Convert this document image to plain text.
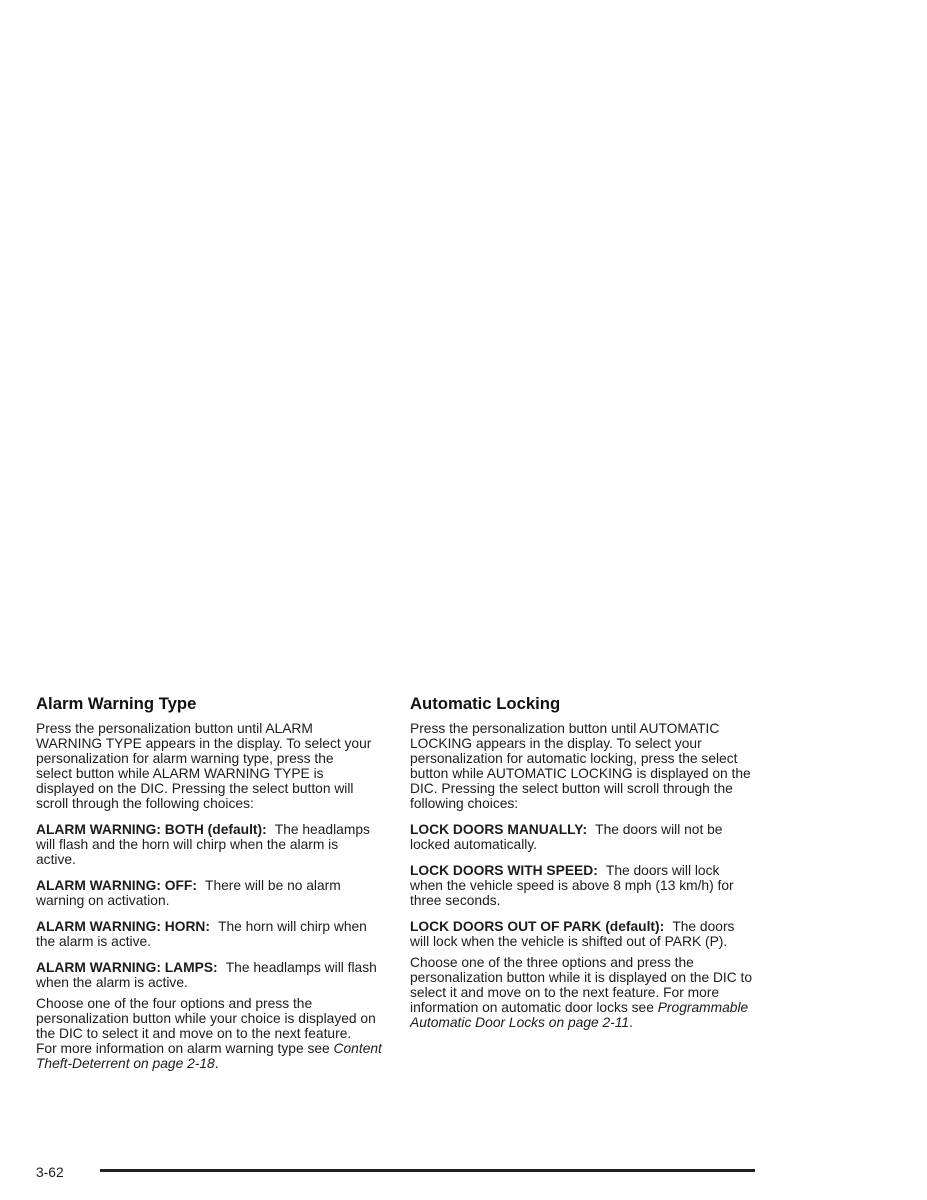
Alarm Warning Type

Press the personalization button until ALARM
WARNING TYPE appears in the display. To select your
personalization for alarm warning type, press the
select button while ALARM WARNING TYPE is
displayed on the DIC. Pressing the select button will
scroll through the following choices:

ALARM WARNING: BOTH (default): The headlamps
will flash and the horn will chirp when the alarm is
active.

ALARM WARNING: OFF: There will be no alarm
warning on activation.

ALARM WARNING: HORN: The horn will chirp when
the alarm is active.

ALARM WARNING: LAMPS: The headlamps will flash
when the alarm is active.

Choose one of the four options and press the
personalization button while your choice is displayed on
the DIC to select it and move on to the next feature.
For more information on alarm warning type see Content
Theft-Deterrent on page 2-18.

Automatic Locking

Press the personalization button until AUTOMATIC
LOCKING appears in the display. To select your
personalization for automatic locking, press the select
button while AUTOMATIC LOCKING is displayed on the
DIC. Pressing the select button will scroll through the
following choices:

LOCK DOORS MANUALLY: The doors will not be
locked automatically.

LOCK DOORS WITH SPEED: The doors will lock
when the vehicle speed is above 8 mph (13 km/h) for
three seconds.

LOCK DOORS OUT OF PARK (default): The doors
will lock when the vehicle is shifted out of PARK (P).

Choose one of the three options and press the
personalization button while it is displayed on the DIC to
select it and move on to the next feature. For more
information on automatic door locks see Programmable
Automatic Door Locks on page 2-11.

3-62
